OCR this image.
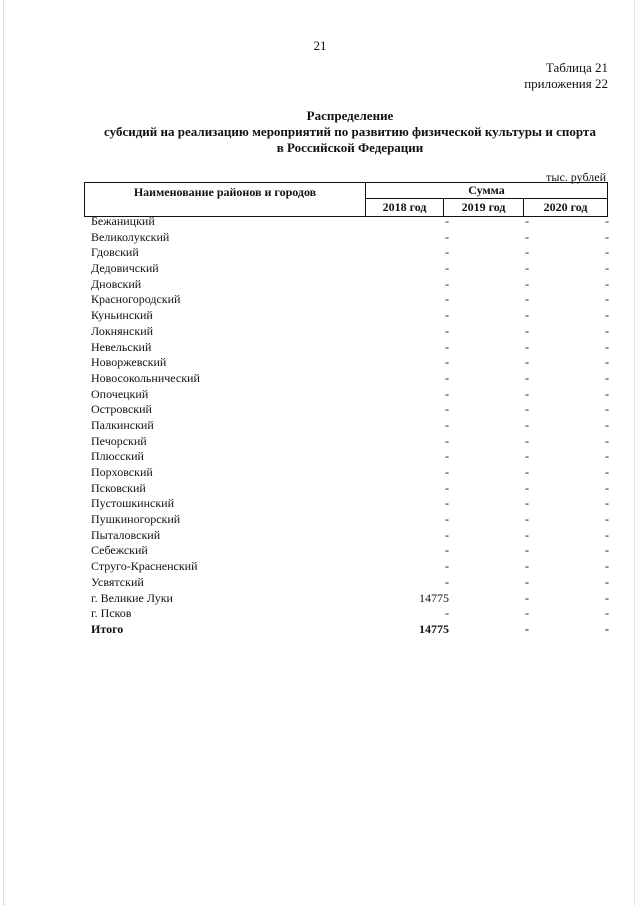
21
Таблица 21
приложения 22
Распределение
субсидий на реализацию мероприятий по развитию физической культуры и спорта
в Российской Федерации
тыс. рублей
Наименование районов и городов	Сумма
2018 год	2019 год	2020 год
Бежаницкий	-	-	-
Великолукский	-	-	-
Гдовский	-	-	-
Дедовичский	-	-	-
Дновский	-	-	-
Красногородский	-	-	-
Куньинский	-	-	-
Локнянский	-	-	-
Невельский	-	-	-
Новоржевский	-	-	-
Новосокольнический	-	-	-
Опочецкий	-	-	-
Островский	-	-	-
Палкинский	-	-	-
Печорский	-	-	-
Плюсский	-	-	-
Порховский	-	-	-
Псковский	-	-	-
Пустошкинский	-	-	-
Пушкиногорский	-	-	-
Пыталовский	-	-	-
Себежский	-	-	-
Струго-Красненский	-	-	-
Усвятский	-	-	-
г. Великие Луки	14775	-	-
г. Псков	-	-	-
Итого	14775	-	-
